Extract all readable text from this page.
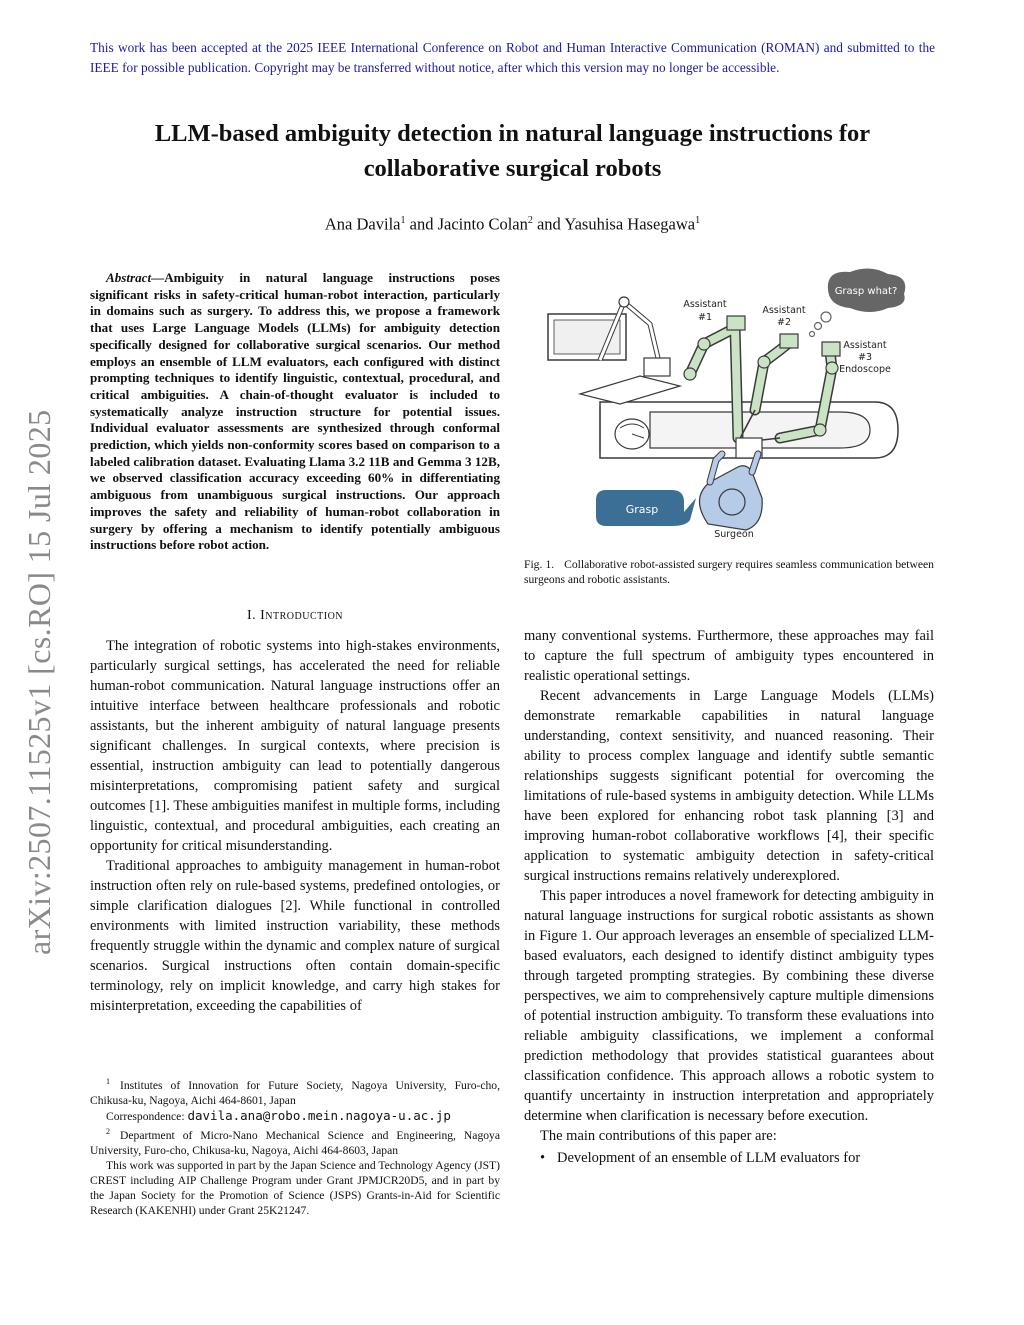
This work has been accepted at the 2025 IEEE International Conference on Robot and Human Interactive Communication (ROMAN) and submitted to the IEEE for possible publication. Copyright may be transferred without notice, after which this version may no longer be accessible.
arXiv:2507.11525v1 [cs.RO] 15 Jul 2025
LLM-based ambiguity detection in natural language instructions for collaborative surgical robots
Ana Davila$^1$ and Jacinto Colan$^2$ and Yasuhisa Hasegawa$^1$
Abstract—Ambiguity in natural language instructions poses significant risks in safety-critical human-robot interaction, particularly in domains such as surgery. To address this, we propose a framework that uses Large Language Models (LLMs) for ambiguity detection specifically designed for collaborative surgical scenarios. Our method employs an ensemble of LLM evaluators, each configured with distinct prompting techniques to identify linguistic, contextual, procedural, and critical ambiguities. A chain-of-thought evaluator is included to systematically analyze instruction structure for potential issues. Individual evaluator assessments are synthesized through conformal prediction, which yields non-conformity scores based on comparison to a labeled calibration dataset. Evaluating Llama 3.2 11B and Gemma 3 12B, we observed classification accuracy exceeding 60% in differentiating ambiguous from unambiguous surgical instructions. Our approach improves the safety and reliability of human-robot collaboration in surgery by offering a mechanism to identify potentially ambiguous instructions before robot action.
I. Introduction

The integration of robotic systems into high-stakes environments, particularly surgical settings, has accelerated the need for reliable human-robot communication. Natural language instructions offer an intuitive interface between healthcare professionals and robotic assistants, but the inherent ambiguity of natural language presents significant challenges. In surgical contexts, where precision is essential, instruction ambiguity can lead to potentially dangerous misinterpretations, compromising patient safety and surgical outcomes [1]. These ambiguities manifest in multiple forms, including linguistic, contextual, and procedural ambiguities, each creating an opportunity for critical misunderstanding.

Traditional approaches to ambiguity management in human-robot instruction often rely on rule-based systems, predefined ontologies, or simple clarification dialogues [2]. While functional in controlled environments with limited instruction variability, these methods frequently struggle within the dynamic and complex nature of surgical scenarios. Surgical instructions often contain domain-specific terminology, rely on implicit knowledge, and carry high stakes for misinterpretation, exceeding the capabilities of

$^1$ Institutes of Innovation for Future Society, Nagoya University, Furo-cho, Chikusa-ku, Nagoya, Aichi 464-8601, Japan

Correspondence: davila.ana@robo.mein.nagoya-u.ac.jp

$^2$ Department of Micro-Nano Mechanical Science and Engineering, Nagoya University, Furo-cho, Chikusa-ku, Nagoya, Aichi 464-8603, Japan

This work was supported in part by the Japan Science and Technology Agency (JST) CREST including AIP Challenge Program under Grant JPMJCR20D5, and in part by the Japan Society for the Promotion of Science (JSPS) Grants-in-Aid for Scientific Research (KAKENHI) under Grant 25K21247.

Assistant
#1
Assistant
#2
Assistant
#3
Endoscope
Surgeon
Grasp what?
Grasp
Fig. 1. Collaborative robot-assisted surgery requires seamless communication between surgeons and robotic assistants.

many conventional systems. Furthermore, these approaches may fail to capture the full spectrum of ambiguity types encountered in realistic operational settings.

Recent advancements in Large Language Models (LLMs) demonstrate remarkable capabilities in natural language understanding, context sensitivity, and nuanced reasoning. Their ability to process complex language and identify subtle semantic relationships suggests significant potential for overcoming the limitations of rule-based systems in ambiguity detection. While LLMs have been explored for enhancing robot task planning [3] and improving human-robot collaborative workflows [4], their specific application to systematic ambiguity detection in safety-critical surgical instructions remains relatively underexplored.

This paper introduces a novel framework for detecting ambiguity in natural language instructions for surgical robotic assistants as shown in Figure 1. Our approach leverages an ensemble of specialized LLM-based evaluators, each designed to identify distinct ambiguity types through targeted prompting strategies. By combining these diverse perspectives, we aim to comprehensively capture multiple dimensions of potential instruction ambiguity. To transform these evaluations into reliable ambiguity classifications, we implement a conformal prediction methodology that provides statistical guarantees about classification confidence. This approach allows a robotic system to quantify uncertainty in instruction interpretation and appropriately determine when clarification is necessary before execution.

The main contributions of this paper are:

• Development of an ensemble of LLM evaluators for
